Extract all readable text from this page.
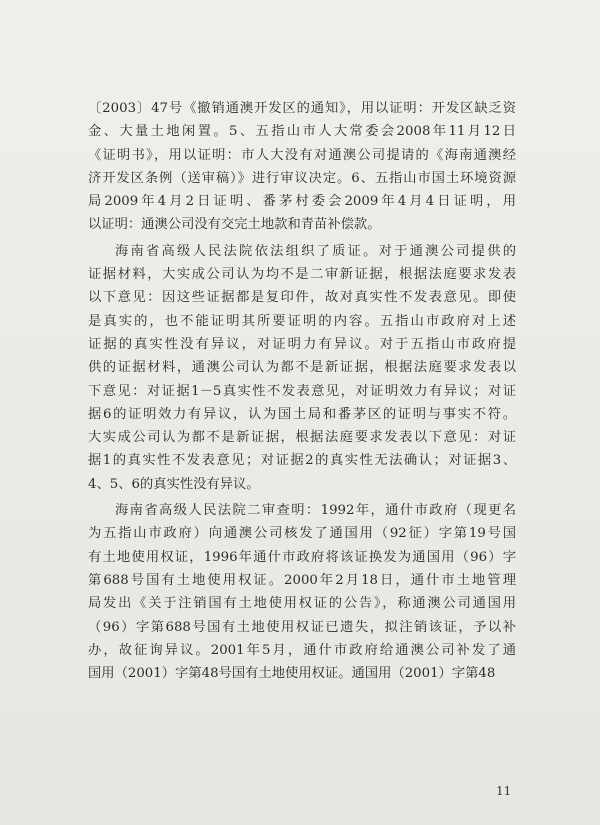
〔2003〕47号《撤销通澳开发区的通知》，用以证明：开发区缺乏资
金、大量土地闲置。5、五指山市人大常委会2008年11月12日
《证明书》，用以证明：市人大没有对通澳公司提请的《海南通澳经
济开发区条例（送审稿）》进行审议决定。6、五指山市国土环境资源
局2009年4月2日证明、番茅村委会2009年4月4日证明，用
以证明：通澳公司没有交完土地款和青苗补偿款。
海南省高级人民法院依法组织了质证。对于通澳公司提供的
证据材料，大实成公司认为均不是二审新证据，根据法庭要求发表
以下意见：因这些证据都是复印件，故对真实性不发表意见。即使
是真实的，也不能证明其所要证明的内容。五指山市政府对上述
证据的真实性没有异议，对证明力有异议。对于五指山市政府提
供的证据材料，通澳公司认为都不是新证据，根据法庭要求发表以
下意见：对证据1－5真实性不发表意见，对证明效力有异议；对证
据6的证明效力有异议，认为国土局和番茅区的证明与事实不符。
大实成公司认为都不是新证据，根据法庭要求发表以下意见：对证
据1的真实性不发表意见；对证据2的真实性无法确认；对证据3、
4、5、6的真实性没有异议。
海南省高级人民法院二审查明：1992年，通什市政府（现更名
为五指山市政府）向通澳公司核发了通国用（92征）字第19号国
有土地使用权证，1996年通什市政府将该证换发为通国用（96）字
第688号国有土地使用权证。2000年2月18日，通什市土地管理
局发出《关于注销国有土地使用权证的公告》，称通澳公司通国用
（96）字第688号国有土地使用权证已遗失，拟注销该证，予以补
办，故征询异议。2001年5月，通什市政府给通澳公司补发了通
国用（2001）字第48号国有土地使用权证。通国用（2001）字第48
11
